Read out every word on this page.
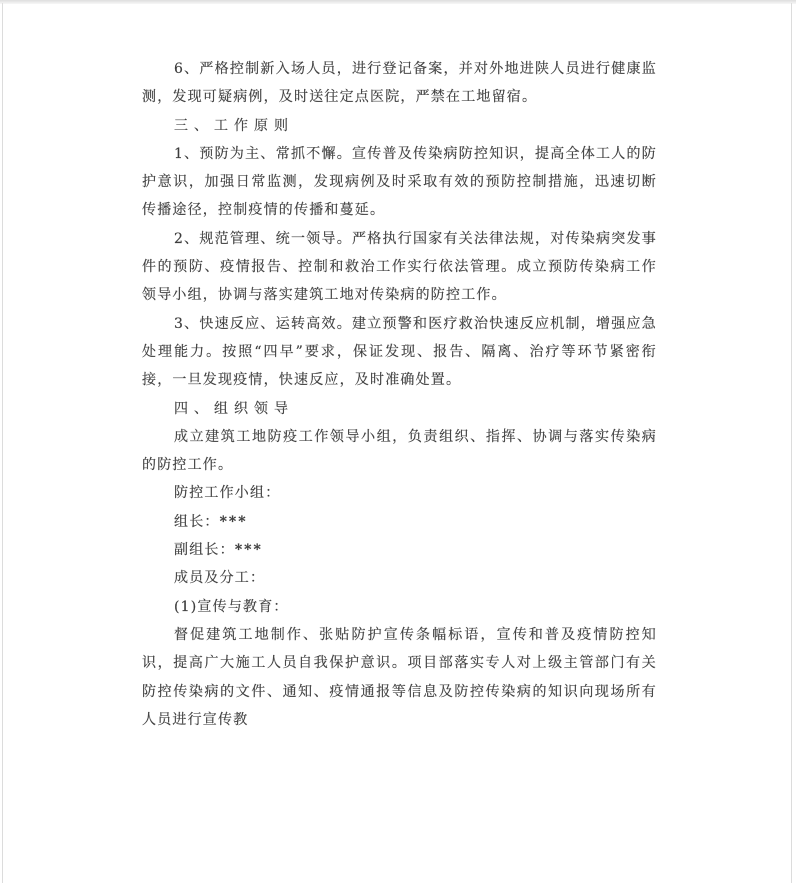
6、严格控制新入场人员，进行登记备案，并对外地进陕人员进行健康监测，发现可疑病例，及时送往定点医院，严禁在工地留宿。

三、工作原则

1、预防为主、常抓不懈。宣传普及传染病防控知识，提高全体工人的防护意识，加强日常监测，发现病例及时采取有效的预防控制措施，迅速切断传播途径，控制疫情的传播和蔓延。

2、规范管理、统一领导。严格执行国家有关法律法规，对传染病突发事件的预防、疫情报告、控制和救治工作实行依法管理。成立预防传染病工作领导小组，协调与落实建筑工地对传染病的防控工作。

3、快速反应、运转高效。建立预警和医疗救治快速反应机制，增强应急处理能力。按照“四早”要求，保证发现、报告、隔离、治疗等环节紧密衔接，一旦发现疫情，快速反应，及时准确处置。

四、组织领导

成立建筑工地防疫工作领导小组，负责组织、指挥、协调与落实传染病的防控工作。

防控工作小组：

组长：***

副组长：***

成员及分工：

(1)宣传与教育：

督促建筑工地制作、张贴防护宣传条幅标语，宣传和普及疫情防控知识，提高广大施工人员自我保护意识。项目部落实专人对上级主管部门有关防控传染病的文件、通知、疫情通报等信息及防控传染病的知识向现场所有人员进行宣传教
